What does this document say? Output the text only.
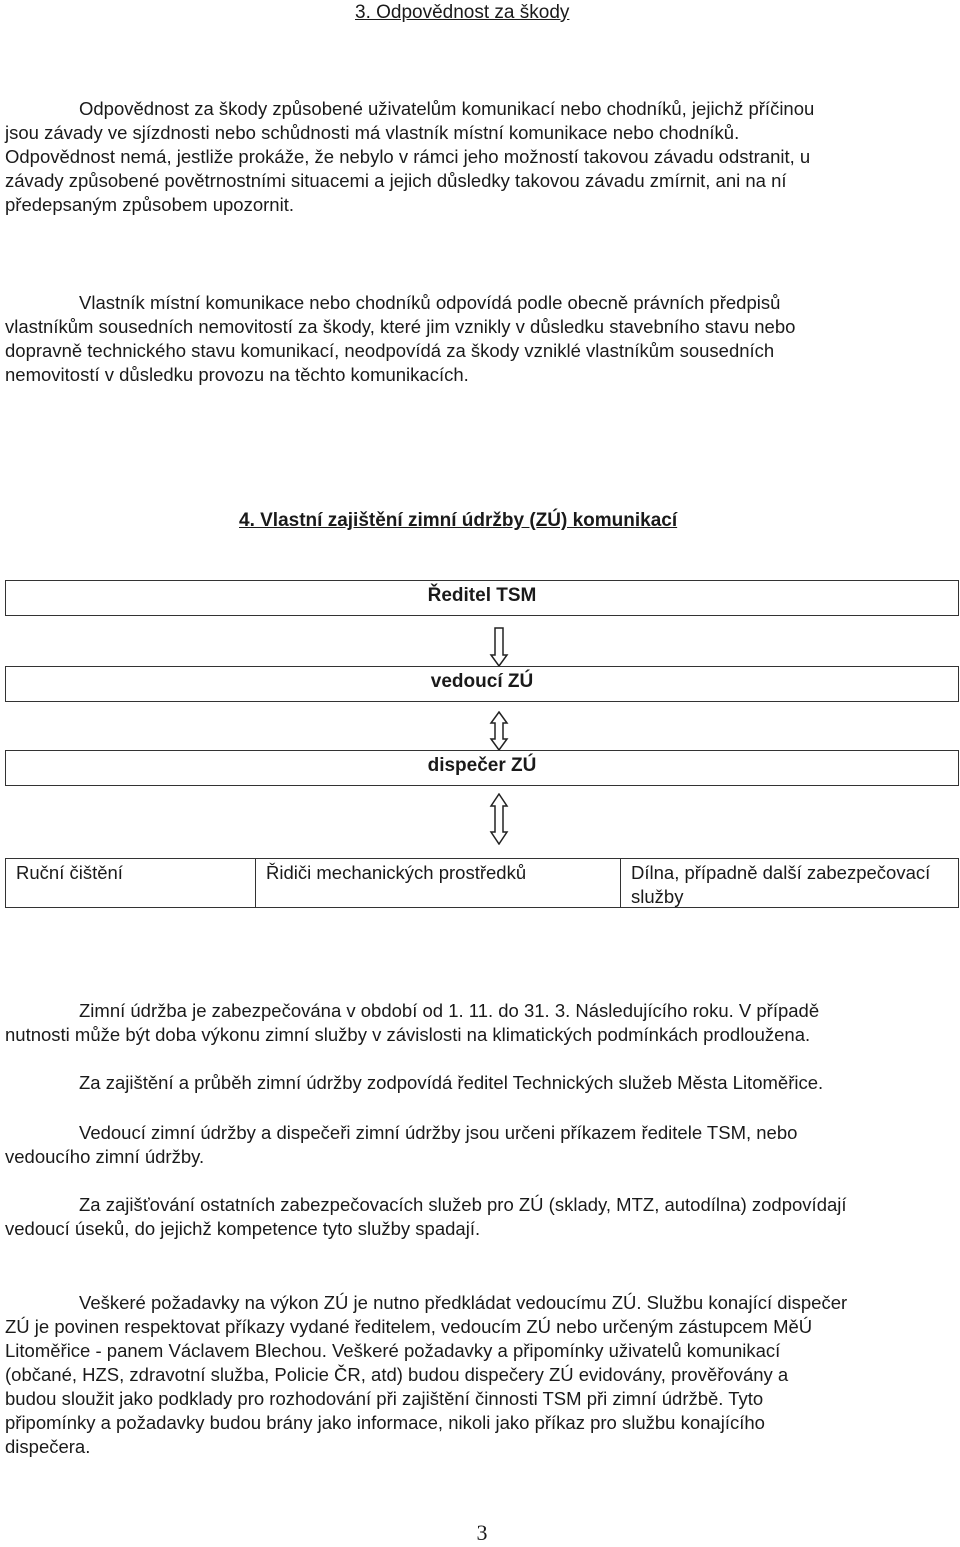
3. Odpovědnost za škody

Odpovědnost za škody způsobené uživatelům komunikací nebo chodníků, jejichž příčinou

jsou závady ve sjízdnosti nebo schůdnosti má vlastník místní komunikace nebo chodníků.

Odpovědnost nemá, jestliže prokáže, že nebylo v rámci jeho možností takovou závadu odstranit, u

závady způsobené povětrnostními situacemi a jejich důsledky takovou závadu zmírnit, ani na ní

předepsaným způsobem upozornit.

Vlastník místní komunikace nebo chodníků odpovídá podle obecně právních předpisů

vlastníkům sousedních nemovitostí za škody, které jim vznikly v důsledku stavebního stavu nebo

dopravně technického stavu komunikací, neodpovídá za škody vzniklé vlastníkům sousedních

nemovitostí v důsledku provozu na těchto komunikacích.

4. Vlastní zajištění zimní údržby (ZÚ) komunikací
Ředitel TSM
vedoucí ZÚ
dispečer ZÚ
Ruční čištění	Řidiči mechanických prostředků	Dílna, případně další zabezpečovací služby

Zimní údržba je zabezpečována v období od 1. 11. do 31. 3. Následujícího roku. V případě

nutnosti může být doba výkonu zimní služby v závislosti na klimatických podmínkách prodloužena.

Za zajištění a průběh zimní údržby zodpovídá ředitel Technických služeb Města Litoměřice.

Vedoucí zimní údržby a dispečeři zimní údržby jsou určeni příkazem ředitele TSM, nebo

vedoucího zimní údržby.

Za zajišťování ostatních zabezpečovacích služeb pro ZÚ (sklady, MTZ, autodílna) zodpovídají

vedoucí úseků, do jejichž kompetence tyto služby spadají.

Veškeré požadavky na výkon ZÚ je nutno předkládat vedoucímu ZÚ. Službu konající dispečer

ZÚ je povinen respektovat příkazy vydané ředitelem, vedoucím ZÚ nebo určeným zástupcem MěÚ

Litoměřice - panem Václavem Blechou. Veškeré požadavky a připomínky uživatelů komunikací

(občané, HZS, zdravotní služba, Policie ČR, atd) budou dispečery ZÚ evidovány, prověřovány a

budou sloužit jako podklady pro rozhodování při zajištění činnosti TSM při zimní údržbě. Tyto

připomínky a požadavky budou brány jako informace, nikoli jako příkaz pro službu konajícího

dispečera.

3
